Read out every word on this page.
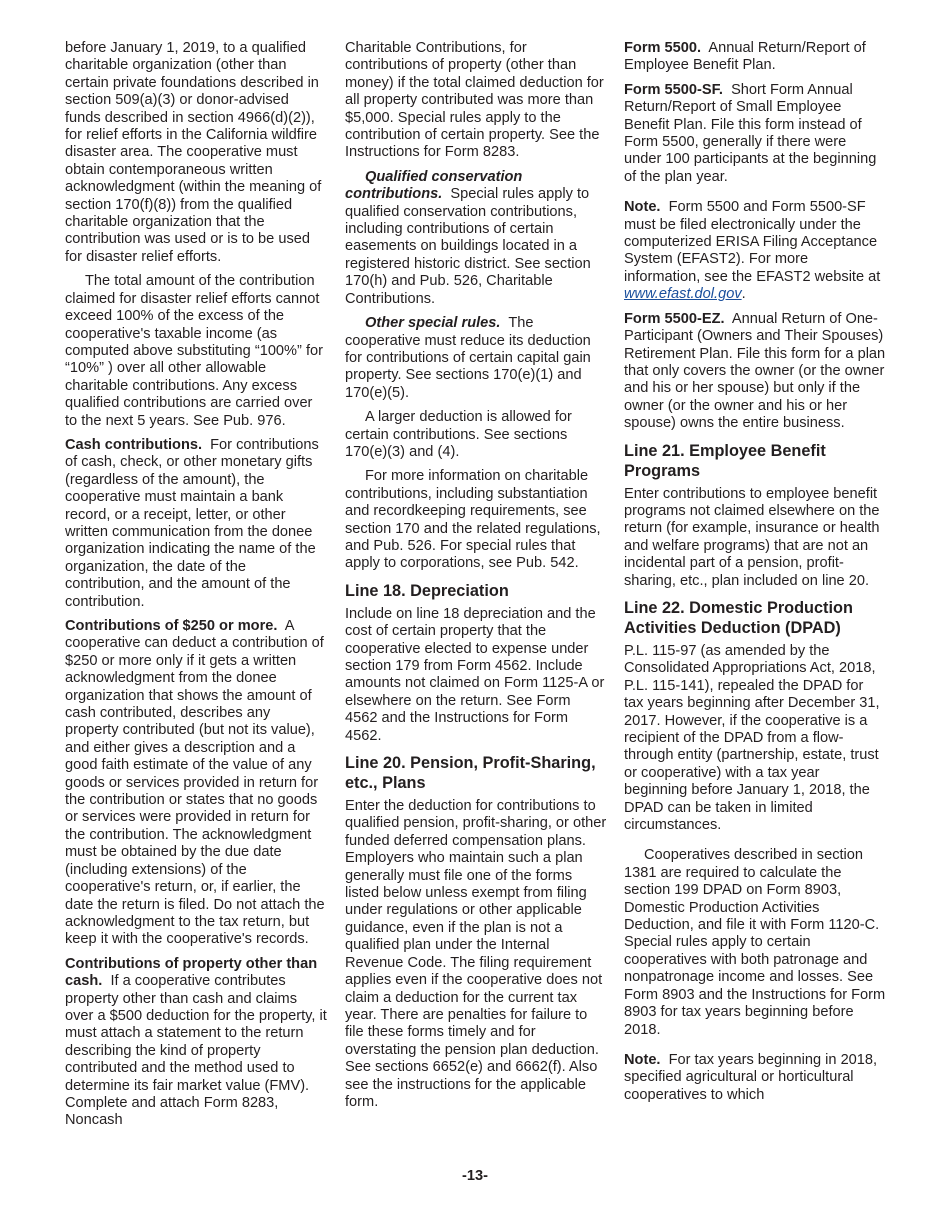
before January 1, 2019, to a qualified charitable organization (other than certain private foundations described in section 509(a)(3) or donor-advised funds described in section 4966(d)(2)), for relief efforts in the California wildfire disaster area. The cooperative must obtain contemporaneous written acknowledgment (within the meaning of section 170(f)(8)) from the qualified charitable organization that the contribution was used or is to be used for disaster relief efforts.

The total amount of the contribution claimed for disaster relief efforts cannot exceed 100% of the excess of the cooperative's taxable income (as computed above substituting “100%” for “10%” ) over all other allowable charitable contributions. Any excess qualified contributions are carried over to the next 5 years. See Pub. 976.

Cash contributions. For contributions of cash, check, or other monetary gifts (regardless of the amount), the cooperative must maintain a bank record, or a receipt, letter, or other written communication from the donee organization indicating the name of the organization, the date of the contribution, and the amount of the contribution.

Contributions of $250 or more. A cooperative can deduct a contribution of $250 or more only if it gets a written acknowledgment from the donee organization that shows the amount of cash contributed, describes any property contributed (but not its value), and either gives a description and a good faith estimate of the value of any goods or services provided in return for the contribution or states that no goods or services were provided in return for the contribution. The acknowledgment must be obtained by the due date (including extensions) of the cooperative's return, or, if earlier, the date the return is filed. Do not attach the acknowledgment to the tax return, but keep it with the cooperative's records.

Contributions of property other than cash. If a cooperative contributes property other than cash and claims over a $500 deduction for the property, it must attach a statement to the return describing the kind of property contributed and the method used to determine its fair market value (FMV). Complete and attach Form 8283, Noncash

Charitable Contributions, for contributions of property (other than money) if the total claimed deduction for all property contributed was more than $5,000. Special rules apply to the contribution of certain property. See the Instructions for Form 8283.

Qualified conservation contributions. Special rules apply to qualified conservation contributions, including contributions of certain easements on buildings located in a registered historic district. See section 170(h) and Pub. 526, Charitable Contributions.

Other special rules. The cooperative must reduce its deduction for contributions of certain capital gain property. See sections 170(e)(1) and 170(e)(5).

A larger deduction is allowed for certain contributions. See sections 170(e)(3) and (4).

For more information on charitable contributions, including substantiation and recordkeeping requirements, see section 170 and the related regulations, and Pub. 526. For special rules that apply to corporations, see Pub. 542.

Line 18. Depreciation

Include on line 18 depreciation and the cost of certain property that the cooperative elected to expense under section 179 from Form 4562. Include amounts not claimed on Form 1125-A or elsewhere on the return. See Form 4562 and the Instructions for Form 4562.

Line 20. Pension, Profit-Sharing, etc., Plans

Enter the deduction for contributions to qualified pension, profit-sharing, or other funded deferred compensation plans. Employers who maintain such a plan generally must file one of the forms listed below unless exempt from filing under regulations or other applicable guidance, even if the plan is not a qualified plan under the Internal Revenue Code. The filing requirement applies even if the cooperative does not claim a deduction for the current tax year. There are penalties for failure to file these forms timely and for overstating the pension plan deduction. See sections 6652(e) and 6662(f). Also see the instructions for the applicable form.

Form 5500. Annual Return/Report of Employee Benefit Plan.

Form 5500-SF. Short Form Annual Return/Report of Small Employee Benefit Plan. File this form instead of Form 5500, generally if there were under 100 participants at the beginning of the plan year.

Note. Form 5500 and Form 5500-SF must be filed electronically under the computerized ERISA Filing Acceptance System (EFAST2). For more information, see the EFAST2 website at www.efast.dol.gov.

Form 5500-EZ. Annual Return of One-Participant (Owners and Their Spouses) Retirement Plan. File this form for a plan that only covers the owner (or the owner and his or her spouse) but only if the owner (or the owner and his or her spouse) owns the entire business.

Line 21. Employee Benefit Programs

Enter contributions to employee benefit programs not claimed elsewhere on the return (for example, insurance or health and welfare programs) that are not an incidental part of a pension, profit-sharing, etc., plan included on line 20.

Line 22. Domestic Production Activities Deduction (DPAD)

P.L. 115-97 (as amended by the Consolidated Appropriations Act, 2018, P.L. 115-141), repealed the DPAD for tax years beginning after December 31, 2017. However, if the cooperative is a recipient of the DPAD from a flow- through entity (partnership, estate, trust or cooperative) with a tax year beginning before January 1, 2018, the DPAD can be taken in limited circumstances.

Cooperatives described in section 1381 are required to calculate the section 199 DPAD on Form 8903, Domestic Production Activities Deduction, and file it with Form 1120-C. Special rules apply to certain cooperatives with both patronage and nonpatronage income and losses. See Form 8903 and the Instructions for Form 8903 for tax years beginning before 2018.

Note. For tax years beginning in 2018, specified agricultural or horticultural cooperatives to which

-13-
